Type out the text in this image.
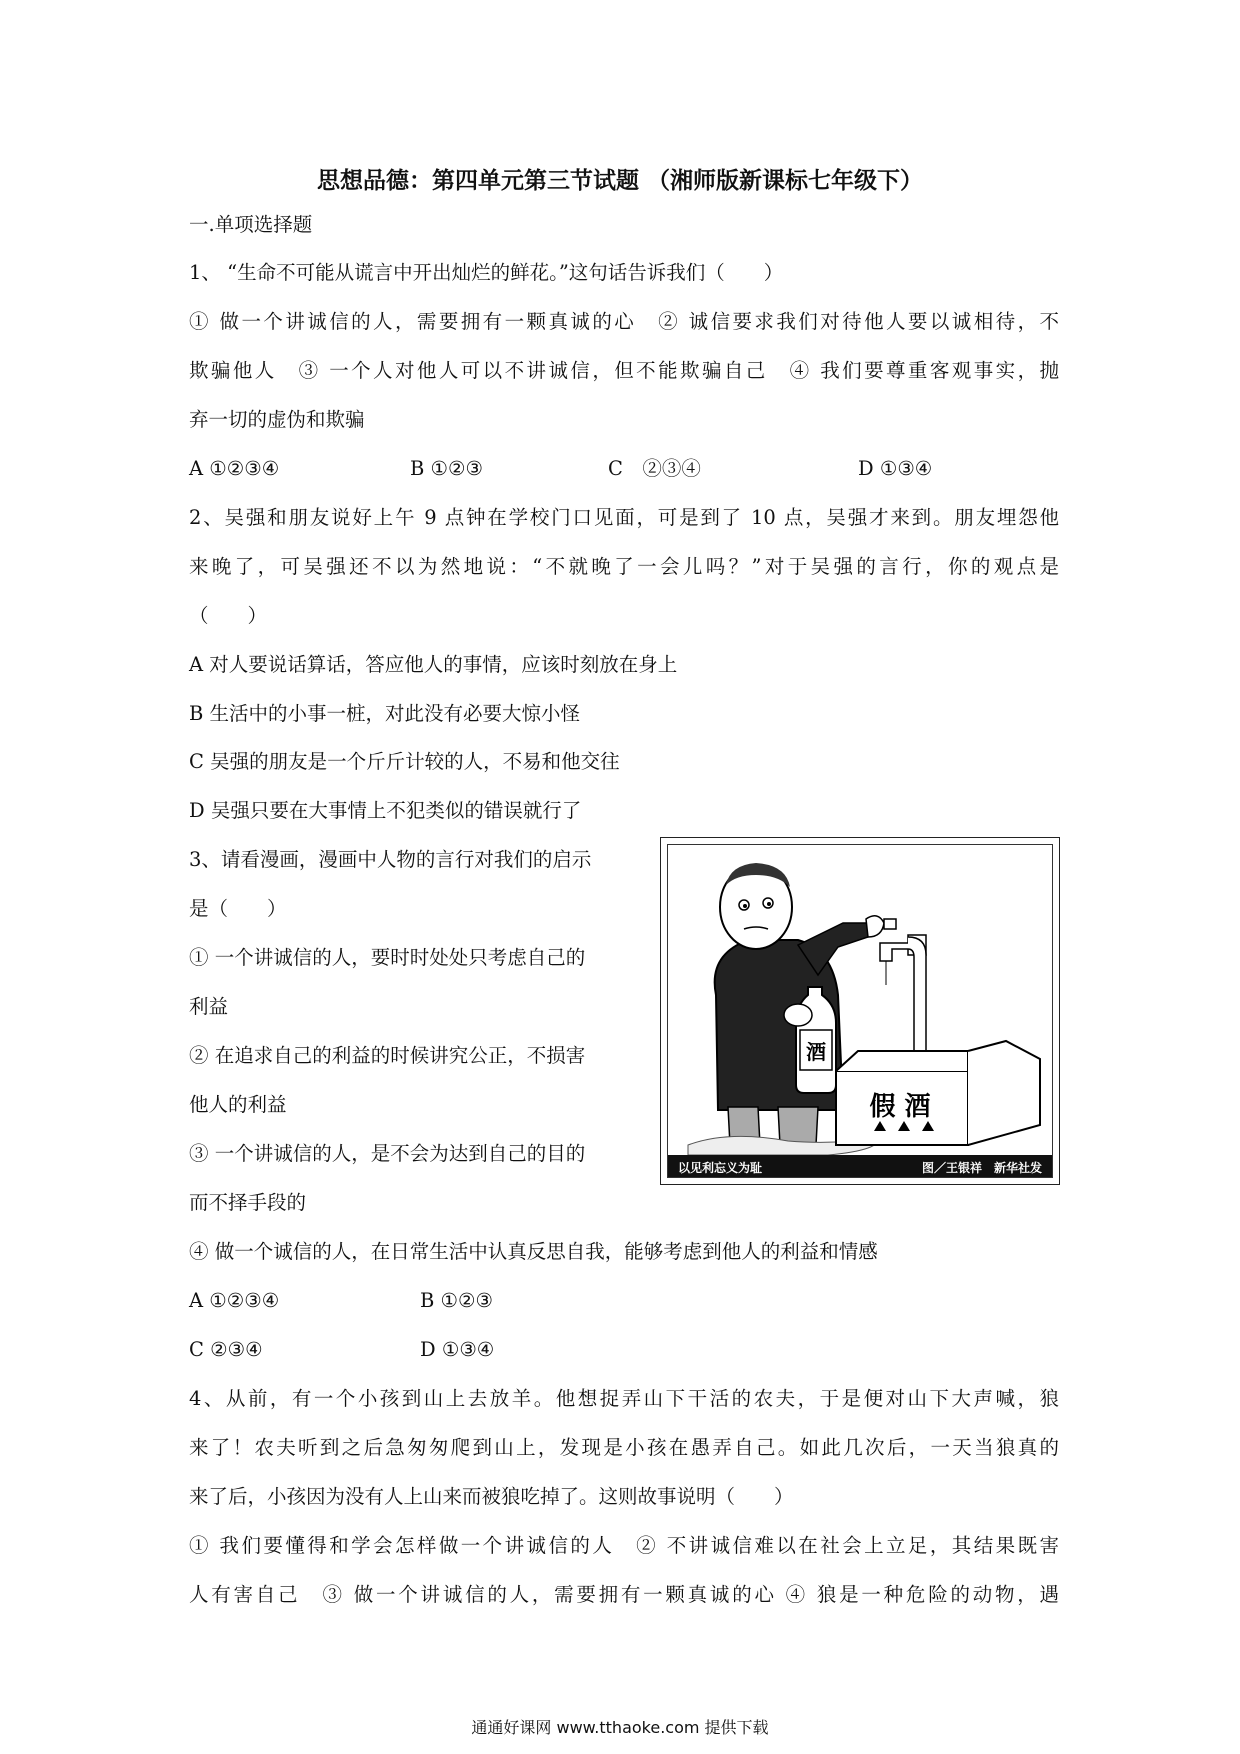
思想品德：第四单元第三节试题 （湘师版新课标七年级下）
一.单项选择题
1、 “生命不可能从谎言中开出灿烂的鲜花。”这句话告诉我们（　　）
① 做一个讲诚信的人，需要拥有一颗真诚的心　② 诚信要求我们对待他人要以诚相待，不
欺骗他人　③ 一个人对他人可以不讲诚信，但不能欺骗自己　④ 我们要尊重客观事实，抛
弃一切的虚伪和欺骗
A ①②③④	B ①②③	C　②③④	D ①③④
2、吴强和朋友说好上午 9 点钟在学校门口见面，可是到了 10 点，吴强才来到。朋友埋怨他
来晚了，可吴强还不以为然地说：“不就晚了一会儿吗？”对于吴强的言行，你的观点是
（　　）
A 对人要说话算话，答应他人的事情，应该时刻放在身上
B 生活中的小事一桩，对此没有必要大惊小怪
C 吴强的朋友是一个斤斤计较的人，不易和他交往
D 吴强只要在大事情上不犯类似的错误就行了
3、请看漫画，漫画中人物的言行对我们的启示
是（　　）
① 一个讲诚信的人，要时时处处只考虑自己的
利益
② 在追求自己的利益的时候讲究公正，不损害
他人的利益
③ 一个讲诚信的人，是不会为达到自己的目的
而不择手段的
④ 做一个诚信的人，在日常生活中认真反思自我，能够考虑到他人的利益和情感
A ①②③④	B ①②③
C ②③④	D ①③④
酒
假 酒
以见利忘义为耻	图／王银祥　新华社发
4、从前，有一个小孩到山上去放羊。他想捉弄山下干活的农夫，于是便对山下大声喊，狼
来了！农夫听到之后急匆匆爬到山上，发现是小孩在愚弄自己。如此几次后，一天当狼真的
来了后，小孩因为没有人上山来而被狼吃掉了。这则故事说明（　　）
① 我们要懂得和学会怎样做一个讲诚信的人　② 不讲诚信难以在社会上立足，其结果既害
人有害自己　③ 做一个讲诚信的人，需要拥有一颗真诚的心 ④ 狼是一种危险的动物，遇
通通好课网 www.tthaoke.com 提供下载
